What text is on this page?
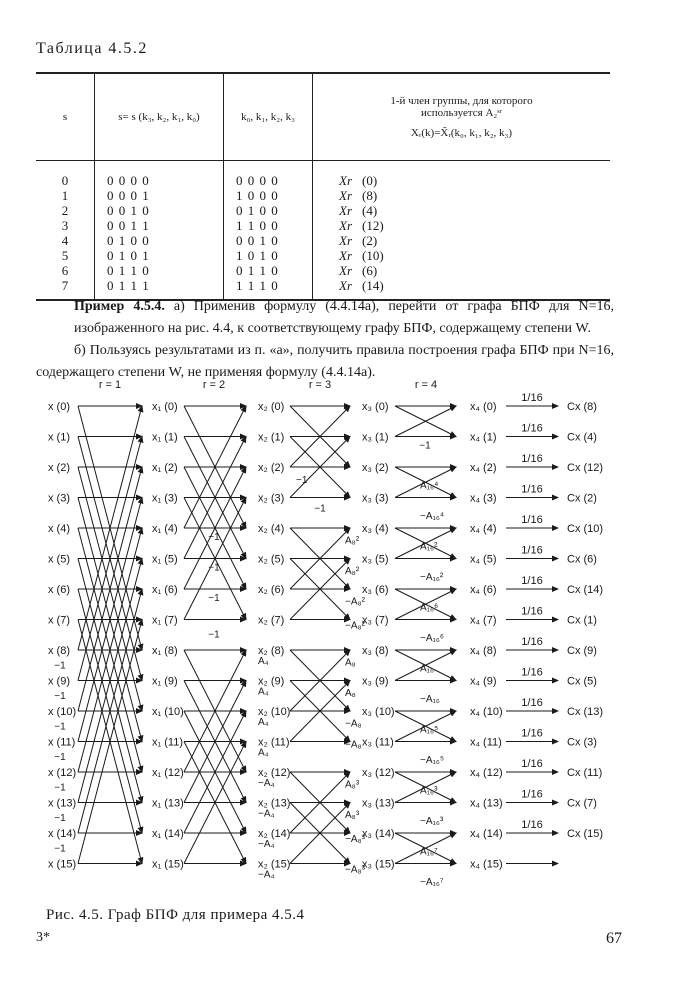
Таблица 4.5.2
s	s= s (k₃, k₂, k₁, k₀)	k₀, k₁, k₂, k₃	1-й член группы, для которого
используется A₂ˢʳ
Xᵣ(k)=X̃ᵣ(k₀, k₁, k₂, k₃)

0	0 0 0 0	0 0 0 0	Xr (0)
1	0 0 0 1	1 0 0 0	Xr (8)
2	0 0 1 0	0 1 0 0	Xr (4)
3	0 0 1 1	1 1 0 0	Xr (12)
4	0 1 0 0	0 0 1 0	Xr (2)
5	0 1 0 1	1 0 1 0	Xr (10)
6	0 1 1 0	0 1 1 0	Xr (6)
7	0 1 1 1	1 1 1 0	Xr (14)
Пример 4.5.4. а) Применив формулу (4.4.14а), перейти от графа БПФ для N=16, изображенного на рис. 4.4, к соответствующему графу БПФ, содержащему степени W.
б) Пользуясь результатами из п. «а», получить правила построения графа БПФ при N=16, содержащего степени W, не применяя формулу (4.4.14а).
r = 1	r = 2	r = 3	r = 4
x (0)
x (1)
x (2)
x (3)
x (4)
x (5)
x (6)
x (7)
x (8)
x (9)
x (10)
x (11)
x (12)
x (13)
x (14)
x (15)
x₁ (0)
x₁ (1)
x₁ (2)
x₁ (3)
x₁ (4)
x₁ (5)
x₁ (6)
x₁ (7)
x₁ (8)
x₁ (9)
x₁ (10)
x₁ (11)
x₁ (12)
x₁ (13)
x₁ (14)
x₁ (15)
x₂ (0)
x₂ (1)
x₂ (2)
x₂ (3)
x₂ (4)
x₂ (5)
x₂ (6)
x₂ (7)
x₂ (8)
x₂ (9)
x₂ (10)
x₂ (11)
x₂ (12)
x₂ (13)
x₂ (14)
x₂ (15)
x₃ (0)
x₃ (1)
x₃ (2)
x₃ (3)
x₃ (4)
x₃ (5)
x₃ (6)
x₃ (7)
x₃ (8)
x₃ (9)
x₃ (10)
x₃ (11)
x₃ (12)
x₃ (13)
x₃ (14)
x₃ (15)
x₄ (0)
x₄ (1)
x₄ (2)
x₄ (3)
x₄ (4)
x₄ (5)
x₄ (6)
x₄ (7)
x₄ (8)
x₄ (9)
x₄ (10)
x₄ (11)
x₄ (12)
x₄ (13)
x₄ (14)
x₄ (15)
1/16
Cx (8)
1/16
Cx (4)
1/16
Cx (12)
1/16
Cx (2)
1/16
Cx (10)
1/16
Cx (6)
1/16
Cx (14)
1/16
Cx (1)
1/16
Cx (9)
1/16
Cx (5)
1/16
Cx (13)
1/16
Cx (3)
1/16
Cx (11)
1/16
Cx (7)
1/16
Cx (15)
−1
−1
−1
−1
−1
−1
−1
−1
−1
−1
−1
A₄
A₄
A₄
A₄
−A₄
−A₄
−A₄
−A₄
−1
−1
A₈²
A₈²
−A₈²
−A₈²
A₈
A₈
−A₈
−A₈
A₈³
A₈³
−A₈³
−A₈³
−1
A₁₆⁴
−A₁₆⁴
A₁₆²
−A₁₆²
A₁₆⁶
−A₁₆⁶
A₁₆
−A₁₆
A₁₆⁵
−A₁₆⁵
A₁₆³
−A₁₆³
A₁₆⁷
−A₁₆⁷
Рис. 4.5. Граф БПФ для примера 4.5.4
3*	67
